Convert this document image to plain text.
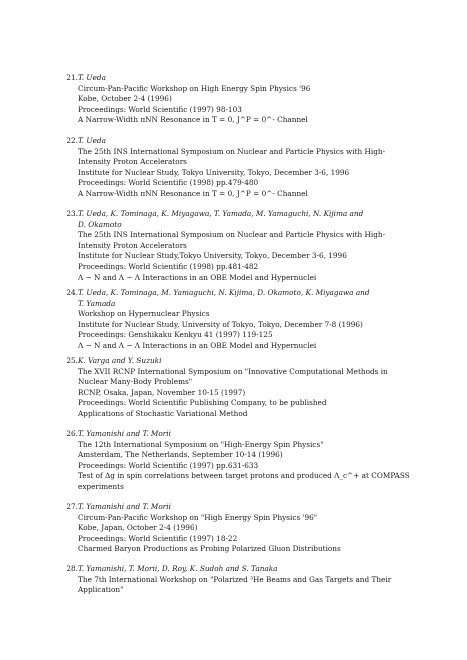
21. T. Ueda
Circum-Pan-Pacific Workshop on High Energy Spin Physics '96
Kobe, October 2-4 (1996)
Proceedings: World Scientific (1997) 98-103
A Narrow-Width πNN Resonance in T = 0, J^P = 0^- Channel
22. T. Ueda
The 25th INS International Symposium on Nuclear and Particle Physics with High-
Intensity Proton Accelerators
Institute for Nuclear Study, Tokyo University, Tokyo, December 3-6, 1996
Proceedings: World Scientific (1998) pp.479-480
A Narrow-Width πNN Resonance in T = 0, J^P = 0^- Channel
23. T. Ueda, K. Tominaga, K. Miyagawa, T. Yamada, M. Yamaguchi, N. Kijima and
D. Okamoto
The 25th INS International Symposium on Nuclear and Particle Physics with High-
Intensity Proton Accelerators
Institute for Nuclear Study,Tokyo University, Tokyo, December 3-6, 1996
Proceedings: World Scientific (1998) pp.481-482
Λ − N and Λ − Λ Interactions in an OBE Model and Hypernuclei
24. T. Ueda, K. Tominaga, M. Yamaguchi, N. Kijima, D. Okamoto, K. Miyagawa and
T. Yamada
Workshop on Hypernuclear Physics
Institute for Nuclear Study, University of Tokyo, Tokyo, December 7-8 (1996)
Proceedings: Genshikaku Kenkyu 41 (1997) 119-125
Λ − N and Λ − Λ Interactions in an OBE Model and Hypernuclei
25. K. Varga and Y. Suzuki
The XVII RCNP International Symposium on "Innovative Computational Methods in
Nuclear Many-Body Problems"
RCNP, Osaka, Japan, November 10-15 (1997)
Proceedings: World Scientific Publishing Company, to be published
Applications of Stochastic Variational Method
26. T. Yamanishi and T. Morii
The 12th International Symposium on "High-Energy Spin Physics"
Amsterdam, The Netherlands, September 10-14 (1996)
Proceedings: World Scientific (1997) pp.631-633
Test of Δg in spin correlations between target protons and produced Λ_c^+ at COMPASS
experiments
27. T. Yamanishi and T. Morii
Circum-Pan-Pacific Workshop on "High Energy Spin Physics '96"
Kobe, Japan, October 2-4 (1996)
Proceedings: World Scientific (1997) 18-22
Charmed Baryon Productions as Probing Polarized Gluon Distributions
28. T. Yamanishi, T. Morii, D. Roy, K. Sudoh and S. Tanaka
The 7th International Workshop on "Polarized ³He Beams and Gas Targets and Their
Application"
